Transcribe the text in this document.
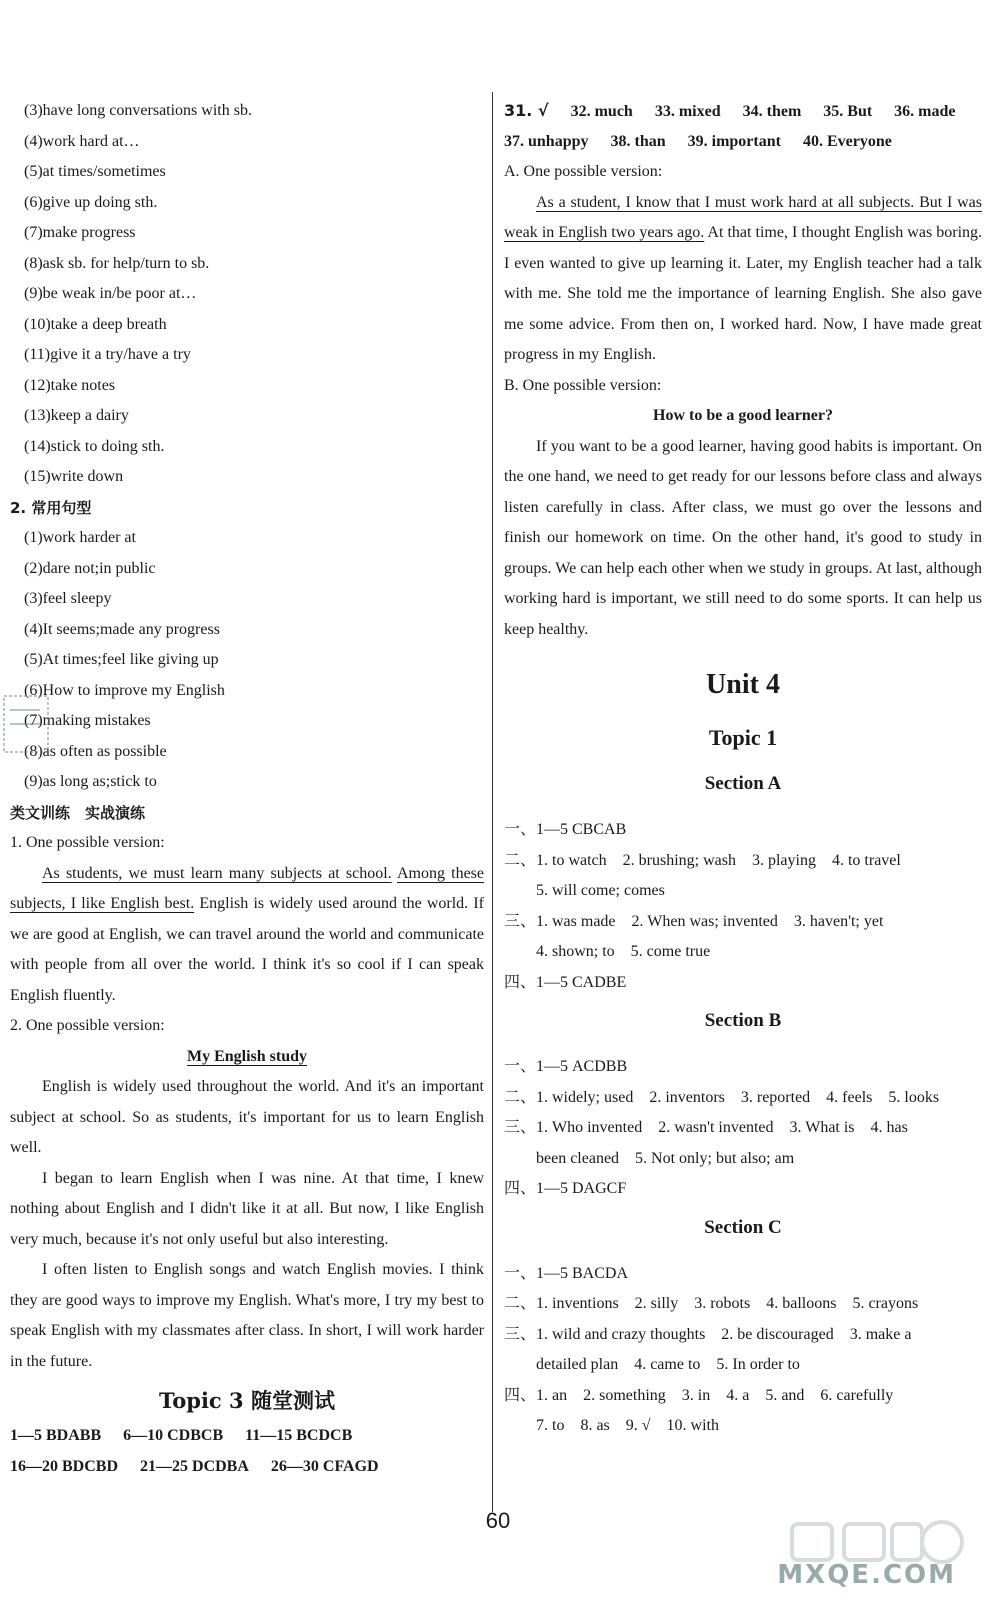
(3)have long conversations with sb.
(4)work hard at…
(5)at times/sometimes
(6)give up doing sth.
(7)make progress
(8)ask sb. for help/turn to sb.
(9)be weak in/be poor at…
(10)take a deep breath
(11)give it a try/have a try
(12)take notes
(13)keep a dairy
(14)stick to doing sth.
(15)write down
2. 常用句型
(1)work harder at
(2)dare not;in public
(3)feel sleepy
(4)It seems;made any progress
(5)At times;feel like giving up
(6)How to improve my English
(7)making mistakes
(8)as often as possible
(9)as long as;stick to
类文训练　实战演练
1. One possible version:

As students, we must learn many subjects at school. Among these subjects, I like English best. English is widely used around the world. If we are good at English, we can travel around the world and communicate with people from all over the world. I think it's so cool if I can speak English fluently.

2. One possible version:
My English study

English is widely used throughout the world. And it's an important subject at school. So as students, it's important for us to learn English well.

I began to learn English when I was nine. At that time, I knew nothing about English and I didn't like it at all. But now, I like English very much, because it's not only useful but also interesting.

I often listen to English songs and watch English movies. I think they are good ways to improve my English. What's more, I try my best to speak English with my classmates after class. In short, I will work harder in the future.

Topic 3 随堂测试
1—5 BDABB 6—10 CDBCB 11—15 BCDCB
16—20 BDCBD 21—25 DCDBA 26—30 CFAGD
31. √ 32. much 33. mixed 34. them 35. But 36. made
37. unhappy 38. than 39. important 40. Everyone
A. One possible version:

As a student, I know that I must work hard at all subjects. But I was weak in English two years ago. At that time, I thought English was boring. I even wanted to give up learning it. Later, my English teacher had a talk with me. She told me the importance of learning English. She also gave me some advice. From then on, I worked hard. Now, I have made great progress in my English.

B. One possible version:
How to be a good learner?

If you want to be a good learner, having good habits is important. On the one hand, we need to get ready for our lessons before class and always listen carefully in class. After class, we must go over the lessons and finish our homework on time. On the other hand, it's good to study in groups. We can help each other when we study in groups. At last, although working hard is important, we still need to do some sports. It can help us keep healthy.

Unit 4
Topic 1
Section A
一、1—5 CBCAB
二、1. to watch　2. brushing; wash　3. playing　4. to travel
　　5. will come; comes
三、1. was made　2. When was; invented　3. haven't; yet
　　4. shown; to　5. come true
四、1—5 CADBE
Section B
一、1—5 ACDBB
二、1. widely; used　2. inventors　3. reported　4. feels　5. looks
三、1. Who invented　2. wasn't invented　3. What is　4. has
　　been cleaned　5. Not only; but also; am
四、1—5 DAGCF
Section C
一、1—5 BACDA
二、1. inventions　2. silly　3. robots　4. balloons　5. crayons
三、1. wild and crazy thoughts　2. be discouraged　3. make a
　　detailed plan　4. came to　5. In order to
四、1. an　2. something　3. in　4. a　5. and　6. carefully
　　7. to　8. as　9. √　10. with
60
MXQE.COM
